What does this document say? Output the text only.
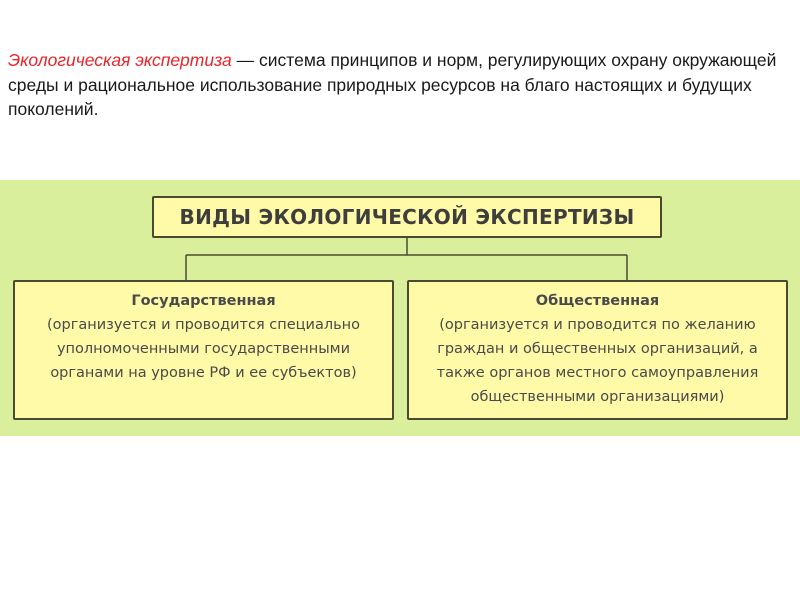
Экологическая экспертиза — система принципов и норм, регулирующих охрану окружающей среды и рациональное использование природных ресурсов на благо настоящих и будущих поколений.

ВИДЫ ЭКОЛОГИЧЕСКОЙ ЭКСПЕРТИЗЫ
Государственная
(организуется и проводится специально уполномоченными государственными органами на уровне РФ и ее субъектов)
Общественная
(организуется и проводится по желанию граждан и общественных организаций, а также органов местного самоуправления общественными организациями)
